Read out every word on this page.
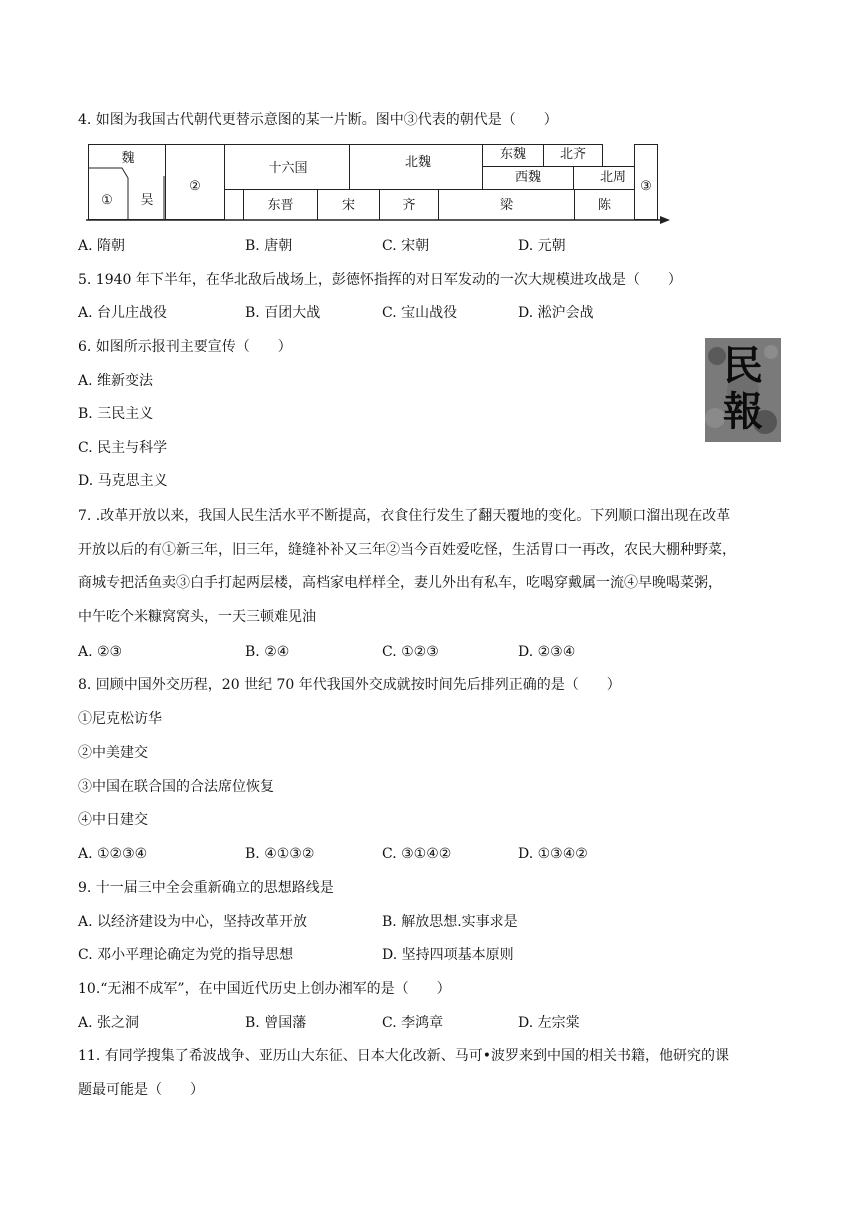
4. 如图为我国古代朝代更替示意图的某一片断。图中③代表的朝代是（　　）
魏
①	吴
②
十六国	北魏
东魏	北齐
西魏	北周
③
东晋	宋	齐	梁	陈
A. 隋朝	B. 唐朝	C. 宋朝	D. 元朝
5. 1940 年下半年，在华北敌后战场上，彭德怀指挥的对日军发动的一次大规模进攻战是（　　）
A. 台儿庄战役	B. 百团大战	C. 宝山战役	D. 淞沪会战
6. 如图所示报刊主要宣传（　　）
A. 维新变法
B. 三民主义
C. 民主与科学
D. 马克思主义
民
報
7. .改革开放以来，我国人民生活水平不断提高，衣食住行发生了翻天覆地的变化。下列顺口溜出现在改革
开放以后的有①新三年，旧三年，缝缝补补又三年②当今百姓爱吃怪，生活胃口一再改，农民大棚种野菜，
商城专把活鱼卖③白手打起两层楼，高档家电样样全，妻儿外出有私车，吃喝穿戴属一流④早晚喝菜粥，
中午吃个米糠窝窝头，一天三顿难见油
A. ②③	B. ②④	C. ①②③	D. ②③④
8. 回顾中国外交历程，20 世纪 70 年代我国外交成就按时间先后排列正确的是（　　）
①尼克松访华
②中美建交
③中国在联合国的合法席位恢复
④中日建交
A. ①②③④	B. ④①③②	C. ③①④②	D. ①③④②
9. 十一届三中全会重新确立的思想路线是
A. 以经济建设为中心，坚持改革开放	B. 解放思想.实事求是
C. 邓小平理论确定为党的指导思想	D. 坚持四项基本原则
10.“无湘不成军”，在中国近代历史上创办湘军的是（　　）
A. 张之洞	B. 曾国藩	C. 李鸿章	D. 左宗棠
11. 有同学搜集了希波战争、亚历山大东征、日本大化改新、马可•波罗来到中国的相关书籍，他研究的课
题最可能是（　　）
